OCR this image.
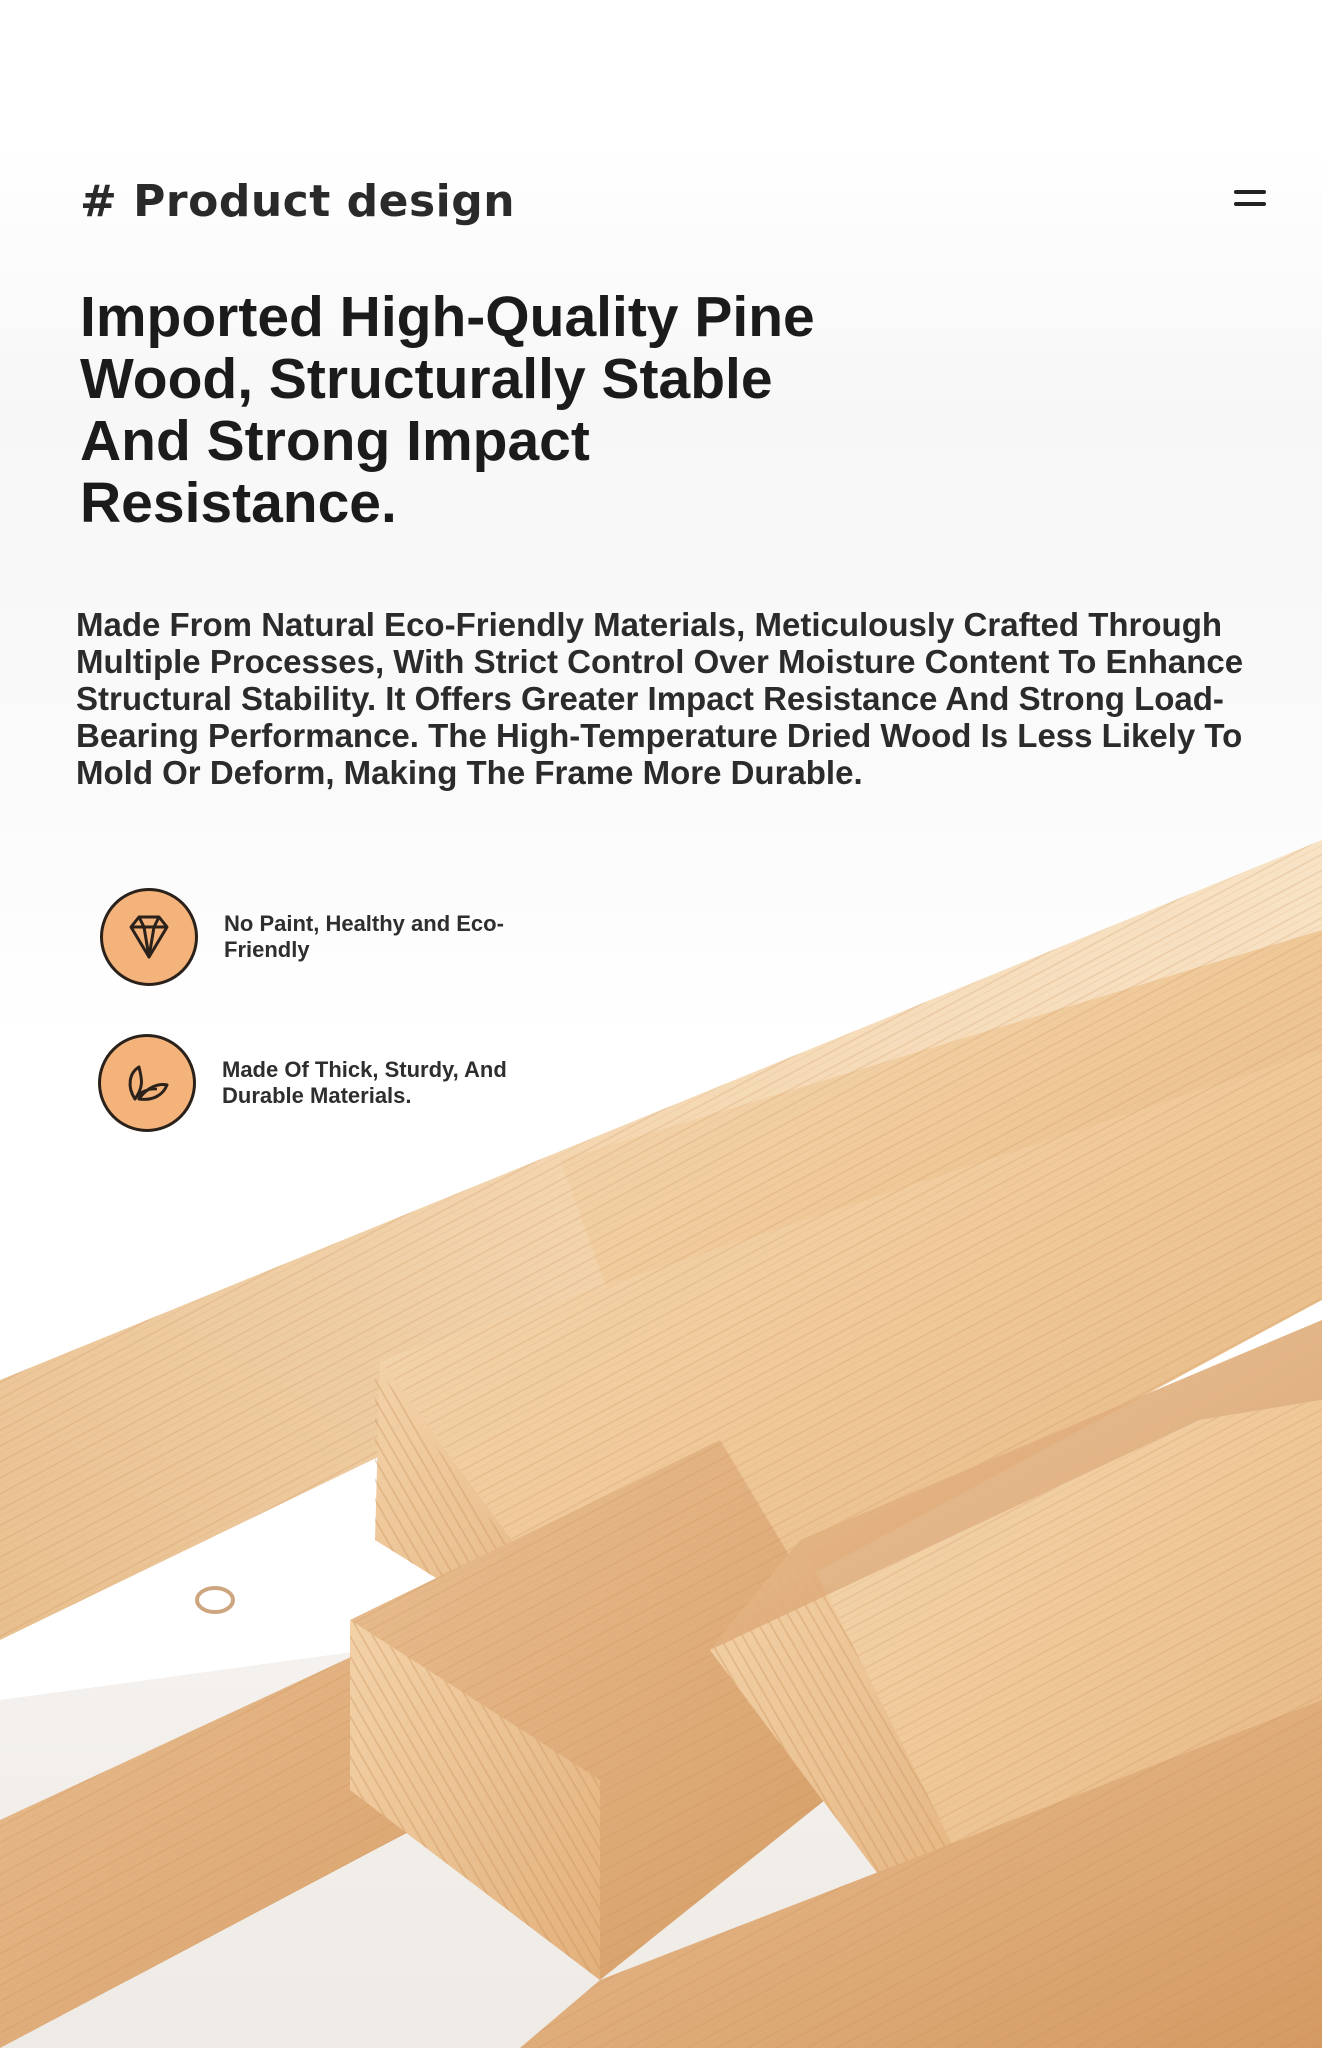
# Product design
Imported High-Quality Pine Wood, Structurally Stable And Strong Impact Resistance.

Made From Natural Eco-Friendly Materials, Meticulously Crafted Through Multiple Processes, With Strict Control Over Moisture Content To Enhance Structural Stability. It Offers Greater Impact Resistance And Strong Load-Bearing Performance. The High-Temperature Dried Wood Is Less Likely To Mold Or Deform, Making The Frame More Durable.

No Paint, Healthy and Eco-Friendly
Made Of Thick, Sturdy, And Durable Materials.
